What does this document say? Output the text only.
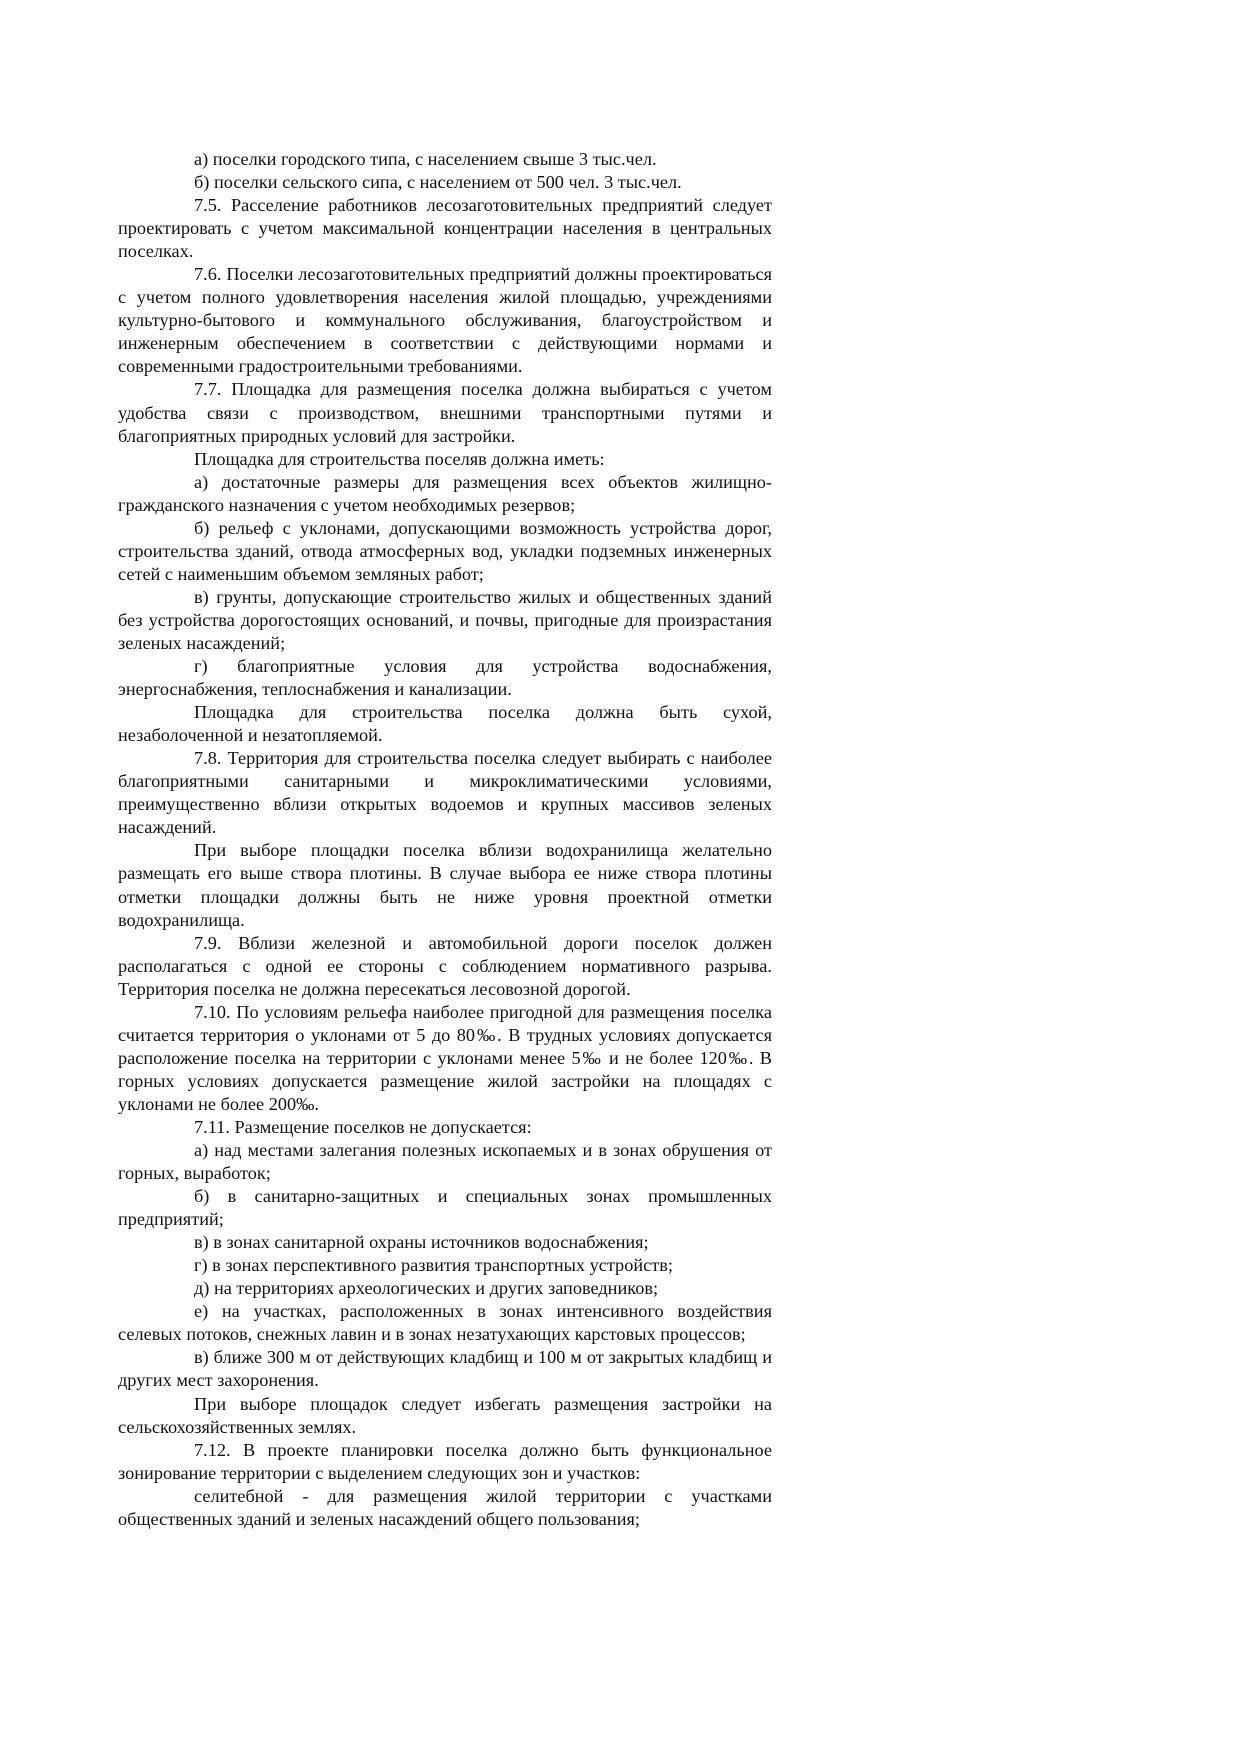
а) поселки городского типа, с населением свыше 3 тыс.чел.

б) поселки сельского сипа, с населением от 500 чел. 3 тыс.чел.

7.5. Расселение работников лесозаготовительных предприятий следует проектировать с учетом максимальной концентрации населения в центральных поселках.

7.6. Поселки лесозаготовительных предприятий должны проектироваться с учетом полного удовлетворения населения жилой площадью, учреждениями культурно-бытового и коммунального обслуживания, благоустройством и инженерным обеспечением в соответствии с действующими нормами и современными градостроительными требованиями.

7.7. Площадка для размещения поселка должна выбираться с учетом удобства связи с производством, внешними транспортными путями и благоприятных природных условий для застройки.

Площадка для строительства поселяв должна иметь:

а) достаточные размеры для размещения всех объектов жилищно-гражданского назначения с учетом необходимых резервов;

б) рельеф с уклонами, допускающими возможность устройства дорог, строительства зданий, отвода атмосферных вод, укладки подземных инженерных сетей с наименьшим объемом земляных работ;

в) грунты, допускающие строительство жилых и общественных зданий без устройства дорогостоящих оснований, и почвы, пригодные для произрастания зеленых насаждений;

г) благоприятные условия для устройства водоснабжения, энергоснабжения, теплоснабжения и канализации.

Площадка для строительства поселка должна быть сухой, незаболоченной и незатопляемой.

7.8. Территория для строительства поселка следует выбирать с наиболее благоприятными санитарными и микроклиматическими условиями, преимущественно вблизи открытых водоемов и крупных массивов зеленых насаждений.

При выборе площадки поселка вблизи водохранилища желательно размещать его выше створа плотины. В случае выбора ее ниже створа плотины отметки площадки должны быть не ниже уровня проектной отметки водохранилища.

7.9. Вблизи железной и автомобильной дороги поселок должен располагаться с одной ее стороны с соблюдением нормативного разрыва. Территория поселка не должна пересекаться лесовозной дорогой.

7.10. По условиям рельефа наиболее пригодной для размещения поселка считается территория о уклонами от 5 до 80‰. В трудных условиях допускается расположение поселка на территории с уклонами менее 5‰ и не более 120‰. В горных условиях допускается размещение жилой застройки на площадях с уклонами не более 200‰.

7.11. Размещение поселков не допускается:

а) над местами залегания полезных ископаемых и в зонах обрушения от горных, выработок;

б) в санитарно-защитных и специальных зонах промышленных предприятий;

в) в зонах санитарной охраны источников водоснабжения;

г) в зонах перспективного развития транспортных устройств;

д) на территориях археологических и других заповедников;

е) на участках, расположенных в зонах интенсивного воздействия селевых потоков, снежных лавин и в зонах незатухающих карстовых процессов;

в) ближе 300 м от действующих кладбищ и 100 м от закрытых кладбищ и других мест захоронения.

При выборе площадок следует избегать размещения застройки на сельскохозяйственных землях.

7.12. В проекте планировки поселка должно быть функциональное зонирование территории с выделением следующих зон и участков:

селитебной - для размещения жилой территории с участками общественных зданий и зеленых насаждений общего пользования;
